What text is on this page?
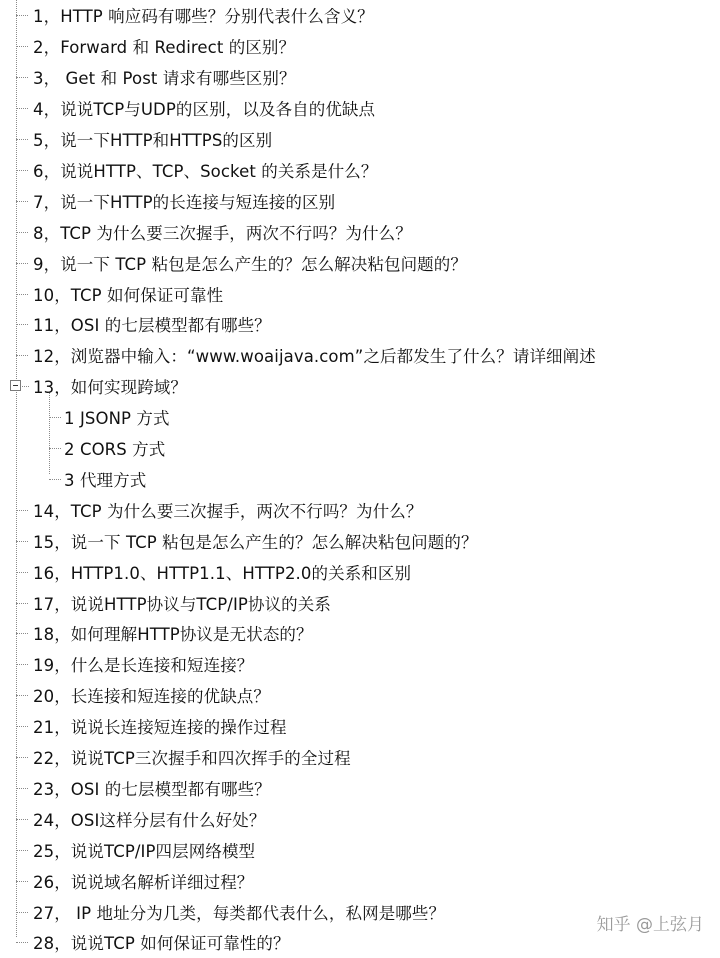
1，HTTP 响应码有哪些？分别代表什么含义？
2，Forward 和 Redirect 的区别？
3， Get 和 Post 请求有哪些区别？
4，说说TCP与UDP的区别，以及各自的优缺点
5，说一下HTTP和HTTPS的区别
6，说说HTTP、TCP、Socket 的关系是什么？
7，说一下HTTP的长连接与短连接的区别
8，TCP 为什么要三次握手，两次不行吗？为什么？
9，说一下 TCP 粘包是怎么产生的？怎么解决粘包问题的？
10，TCP 如何保证可靠性
11，OSI 的七层模型都有哪些？
12，浏览器中输入：“www.woaijava.com”之后都发生了什么？请详细阐述
13，如何实现跨域？
1 JSONP 方式
2 CORS 方式
3 代理方式
14，TCP 为什么要三次握手，两次不行吗？为什么？
15，说一下 TCP 粘包是怎么产生的？怎么解决粘包问题的？
16，HTTP1.0、HTTP1.1、HTTP2.0的关系和区别
17，说说HTTP协议与TCP/IP协议的关系
18，如何理解HTTP协议是无状态的？
19，什么是长连接和短连接？
20，长连接和短连接的优缺点？
21，说说长连接短连接的操作过程
22，说说TCP三次握手和四次挥手的全过程
23，OSI 的七层模型都有哪些？
24，OSI这样分层有什么好处？
25，说说TCP/IP四层网络模型
26，说说域名解析详细过程？
27， IP 地址分为几类，每类都代表什么，私网是哪些？
28，说说TCP 如何保证可靠性的？
知乎 @上弦月
